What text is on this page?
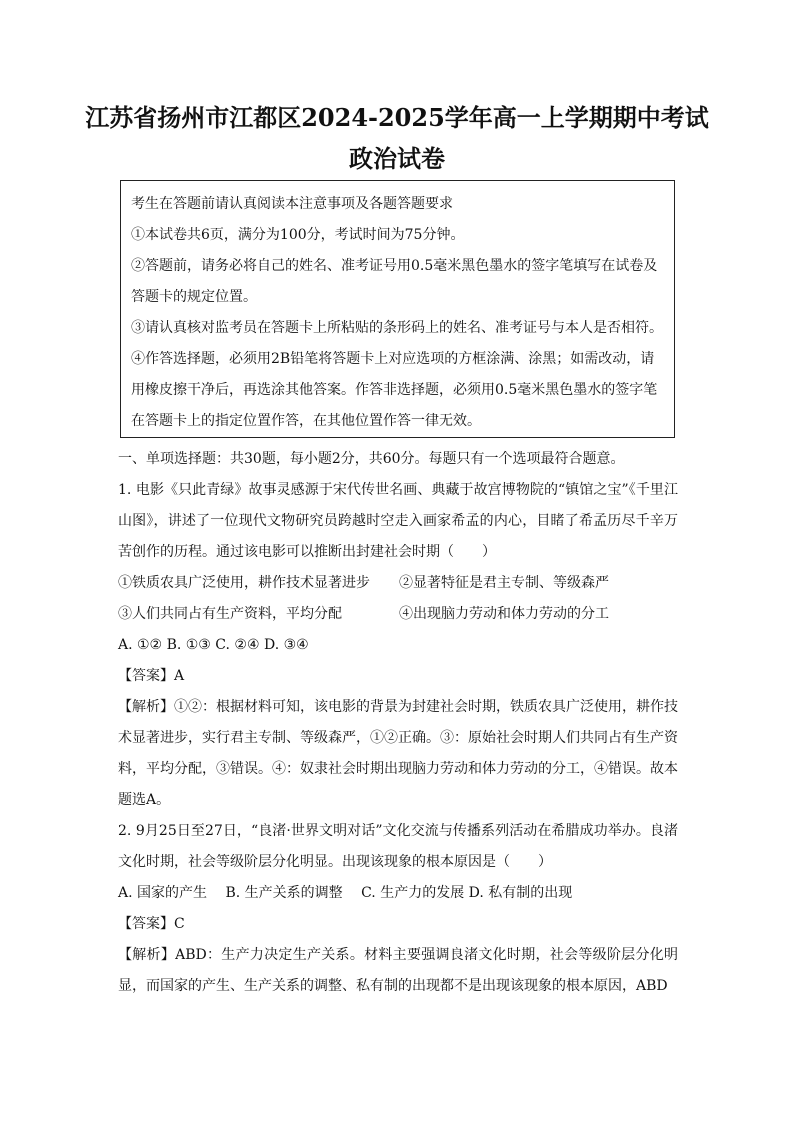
江苏省扬州市江都区2024-2025学年高一上学期期中考试
政治试卷

考生在答题前请认真阅读本注意事项及各题答题要求

①本试卷共6页，满分为100分，考试时间为75分钟。

②答题前，请务必将自己的姓名、准考证号用0.5毫米黑色墨水的签字笔填写在试卷及答题卡的规定位置。

③请认真核对监考员在答题卡上所粘贴的条形码上的姓名、准考证号与本人是否相符。

④作答选择题，必须用2B铅笔将答题卡上对应选项的方框涂满、涂黑；如需改动，请用橡皮擦干净后，再选涂其他答案。作答非选择题，必须用0.5毫米黑色墨水的签字笔在答题卡上的指定位置作答，在其他位置作答一律无效。

一、单项选择题：共30题，每小题2分，共60分。每题只有一个选项最符合题意。

1. 电影《只此青绿》故事灵感源于宋代传世名画、典藏于故宫博物院的“镇馆之宝”《千里江山图》，讲述了一位现代文物研究员跨越时空走入画家希孟的内心，目睹了希孟历尽千辛万苦创作的历程。通过该电影可以推断出封建社会时期（　　）

①铁质农具广泛使用，耕作技术显著进步	②显著特征是君主专制、等级森严
③人们共同占有生产资料，平均分配	④出现脑力劳动和体力劳动的分工

A. ①② B. ①③ C. ②④ D. ③④

【答案】A

【解析】①②：根据材料可知，该电影的背景为封建社会时期，铁质农具广泛使用，耕作技术显著进步，实行君主专制、等级森严，①②正确。③：原始社会时期人们共同占有生产资料，平均分配，③错误。④：奴隶社会时期出现脑力劳动和体力劳动的分工，④错误。故本题选A。

2. 9月25日至27日，“良渚·世界文明对话”文化交流与传播系列活动在希腊成功举办。良渚文化时期，社会等级阶层分化明显。出现该现象的根本原因是（　　）

A. 国家的产生　 B. 生产关系的调整　 C. 生产力的发展 D. 私有制的出现

【答案】C

【解析】ABD：生产力决定生产关系。材料主要强调良渚文化时期，社会等级阶层分化明显，而国家的产生、生产关系的调整、私有制的出现都不是出现该现象的根本原因，ABD
